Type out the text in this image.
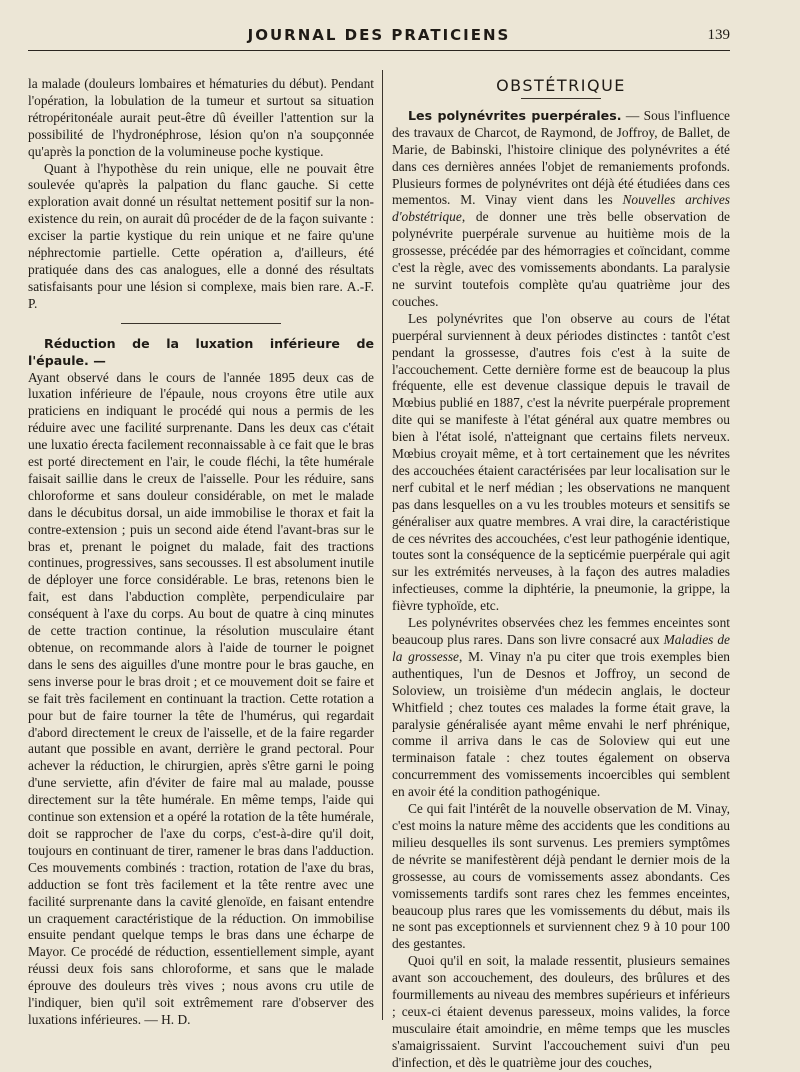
JOURNAL DES PRATICIENS	139

la malade (douleurs lombaires et hématuries du début). Pendant l'opération, la lobulation de la tumeur et surtout sa situation rétropéritonéale aurait peut-être dû éveiller l'attention sur la possibilité de l'hydronéphrose, lésion qu'on n'a soupçonnée qu'après la ponction de la volumineuse poche kystique.

Quant à l'hypothèse du rein unique, elle ne pouvait être soulevée qu'après la palpation du flanc gauche. Si cette exploration avait donné un résultat nettement positif sur la non-existence du rein, on aurait dû procéder de de la façon suivante : exciser la partie kystique du rein unique et ne faire qu'une néphrectomie partielle. Cette opération a, d'ailleurs, été pratiquée dans des cas analogues, elle a donné des résultats satisfaisants pour une lésion si complexe, mais bien rare. A.-F. P.

Réduction de la luxation inférieure de l'épaule. —

Ayant observé dans le cours de l'année 1895 deux cas de luxation inférieure de l'épaule, nous croyons être utile aux praticiens en indiquant le procédé qui nous a permis de les réduire avec une facilité surprenante. Dans les deux cas c'était une luxatio érecta facilement reconnaissable à ce fait que le bras est porté directement en l'air, le coude fléchi, la tête humérale faisait saillie dans le creux de l'aisselle. Pour les réduire, sans chloroforme et sans douleur considérable, on met le malade dans le décubitus dorsal, un aide immobilise le thorax et fait la contre-extension ; puis un second aide étend l'avant-bras sur le bras et, prenant le poignet du malade, fait des tractions continues, progressives, sans secousses. Il est absolument inutile de déployer une force considérable. Le bras, retenons bien le fait, est dans l'abduction complète, perpendiculaire par conséquent à l'axe du corps. Au bout de quatre à cinq minutes de cette traction continue, la résolution musculaire étant obtenue, on recommande alors à l'aide de tourner le poignet dans le sens des aiguilles d'une montre pour le bras gauche, en sens inverse pour le bras droit ; et ce mouvement doit se faire et se fait très facilement en continuant la traction. Cette rotation a pour but de faire tourner la tête de l'humérus, qui regardait d'abord directement le creux de l'aisselle, et de la faire regarder autant que possible en avant, derrière le grand pectoral. Pour achever la réduction, le chirurgien, après s'être garni le poing d'une serviette, afin d'éviter de faire mal au malade, pousse directement sur la tête humérale. En même temps, l'aide qui continue son extension et a opéré la rotation de la tête humérale, doit se rapprocher de l'axe du corps, c'est-à-dire qu'il doit, toujours en continuant de tirer, ramener le bras dans l'adduction. Ces mouvements combinés : traction, rotation de l'axe du bras, adduction se font très facilement et la tête rentre avec une facilité surprenante dans la cavité glenoïde, en faisant entendre un craquement caractéristique de la réduction. On immobilise ensuite pendant quelque temps le bras dans une écharpe de Mayor. Ce procédé de réduction, essentiellement simple, ayant réussi deux fois sans chloroforme, et sans que le malade éprouve des douleurs très vives ; nous avons cru utile de l'indiquer, bien qu'il soit extrêmement rare d'observer des luxations inférieures. — H. D.

OBSTÉTRIQUE

Les polynévrites puerpérales. — Sous l'influence des travaux de Charcot, de Raymond, de Joffroy, de Ballet, de Marie, de Babinski, l'histoire clinique des polynévrites a été dans ces dernières années l'objet de remaniements profonds. Plusieurs formes de polynévrites ont déjà été étudiées dans ces mementos. M. Vinay vient dans les Nouvelles archives d'obstétrique, de donner une très belle observation de polynévrite puerpérale survenue au huitième mois de la grossesse, précédée par des hémorragies et coïncidant, comme c'est la règle, avec des vomissements abondants. La paralysie ne survint toutefois complète qu'au quatrième jour des couches.

Les polynévrites que l'on observe au cours de l'état puerpéral surviennent à deux périodes distinctes : tantôt c'est pendant la grossesse, d'autres fois c'est à la suite de l'accouchement. Cette dernière forme est de beaucoup la plus fréquente, elle est devenue classique depuis le travail de Mœbius publié en 1887, c'est la névrite puerpérale proprement dite qui se manifeste à l'état général aux quatre membres ou bien à l'état isolé, n'atteignant que certains filets nerveux. Mœbius croyait même, et à tort certainement que les névrites des accouchées étaient caractérisées par leur localisation sur le nerf cubital et le nerf médian ; les observations ne manquent pas dans lesquelles on a vu les troubles moteurs et sensitifs se généraliser aux quatre membres. A vrai dire, la caractéristique de ces névrites des accouchées, c'est leur pathogénie identique, toutes sont la conséquence de la septicémie puerpérale qui agit sur les extrémités nerveuses, à la façon des autres maladies infectieuses, comme la diphtérie, la pneumonie, la grippe, la fièvre typhoïde, etc.

Les polynévrites observées chez les femmes enceintes sont beaucoup plus rares. Dans son livre consacré aux Maladies de la grossesse, M. Vinay n'a pu citer que trois exemples bien authentiques, l'un de Desnos et Joffroy, un second de Soloview, un troisième d'un médecin anglais, le docteur Whitfield ; chez toutes ces malades la forme était grave, la paralysie généralisée ayant même envahi le nerf phrénique, comme il arriva dans le cas de Soloview qui eut une terminaison fatale : chez toutes également on observa concurremment des vomissements incoercibles qui semblent en avoir été la condition pathogénique.

Ce qui fait l'intérêt de la nouvelle observation de M. Vinay, c'est moins la nature même des accidents que les conditions au milieu desquelles ils sont survenus. Les premiers symptômes de névrite se manifestèrent déjà pendant le dernier mois de la grossesse, au cours de vomissements assez abondants. Ces vomissements tardifs sont rares chez les femmes enceintes, beaucoup plus rares que les vomissements du début, mais ils ne sont pas exceptionnels et surviennent chez 9 à 10 pour 100 des gestantes.

Quoi qu'il en soit, la malade ressentit, plusieurs semaines avant son accouchement, des douleurs, des brûlures et des fourmillements au niveau des membres supérieurs et inférieurs ; ceux-ci étaient devenus paresseux, moins valides, la force musculaire était amoindrie, en même temps que les muscles s'amaigrissaient. Survint l'accouchement suivi d'un peu d'infection, et dès le quatrième jour des couches,
